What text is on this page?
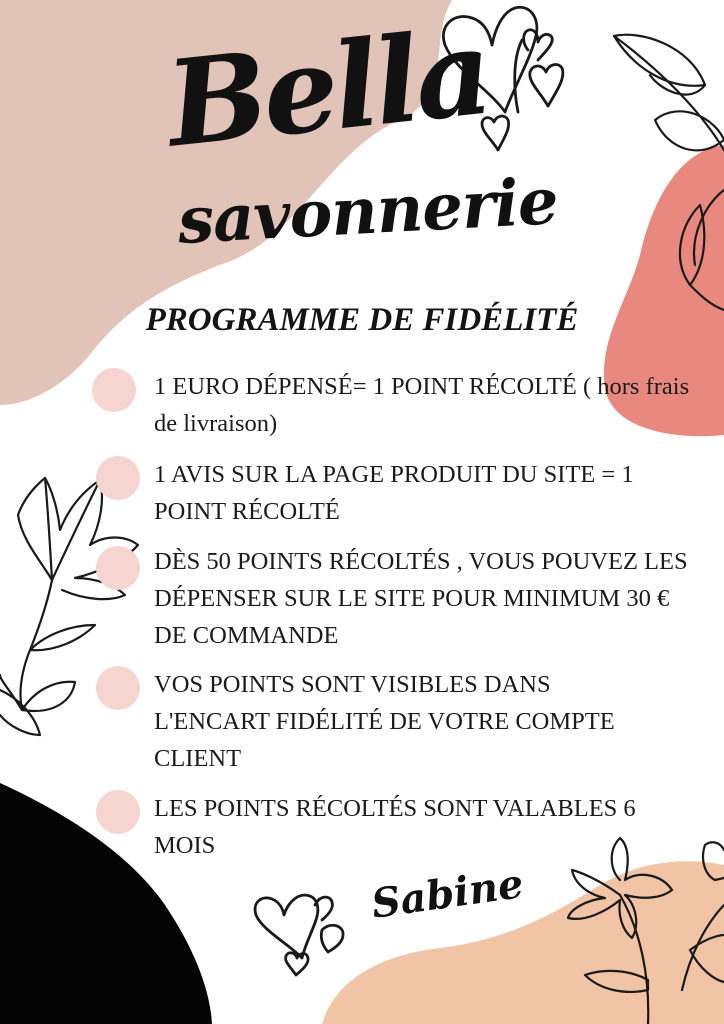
Bella
savonnerie
PROGRAMME DE FIDÉLITÉ
1 EURO DÉPENSÉ= 1 POINT RÉCOLTÉ ( hors frais de livraison)
1 AVIS SUR LA PAGE PRODUIT DU SITE = 1 POINT RÉCOLTÉ
DÈS 50 POINTS RÉCOLTÉS , VOUS POUVEZ LES DÉPENSER SUR LE SITE POUR MINIMUM 30 € DE COMMANDE
VOS POINTS SONT VISIBLES DANS L'ENCART FIDÉLITÉ DE VOTRE COMPTE CLIENT
LES POINTS RÉCOLTÉS SONT VALABLES 6 MOIS
Sabine
